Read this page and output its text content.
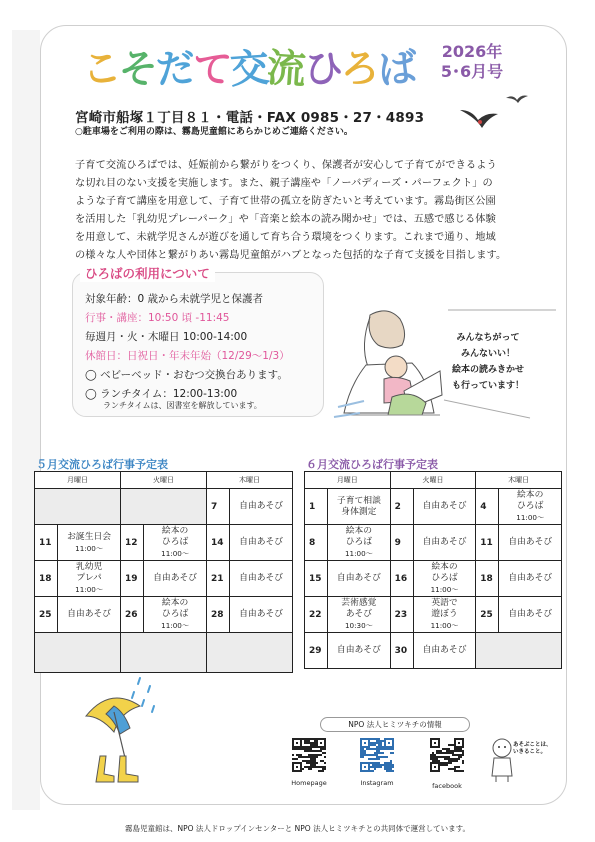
こそだて交流ひろば	2026年
5･6月号
宮崎市船塚１丁目８１・電話・FAX 0985・27・4893
○駐車場をご利用の際は、霧島児童館にあらかじめご連絡ください。

子育て交流ひろばでは、妊娠前から繋がりをつくり、保護者が安心して子育てができるよう

な切れ目のない支援を実施します。また、親子講座や「ノーバディーズ・パーフェクト」の

ような子育て講座を用意して、子育て世帯の孤立を防ぎたいと考えています。霧島街区公園

を活用した「乳幼児プレーパーク」や「音楽と絵本の読み聞かせ」では、五感で感じる体験

を用意して、未就学児さんが遊びを通して育ち合う環境をつくります。これまで通り、地域

の様々な人や団体と繋がりあい霧島児童館がハブとなった包括的な子育て支援を目指します。

ひろばの利用について
対象年齢：0 歳から未就学児と保護者
行事・講座：10:50 頃 -11:45
毎週月・火・木曜日 10:00-14:00
休館日：日祝日・年末年始（12/29～1/3）
◯ ベビーベッド・おむつ交換台あります。
◯ ランチタイム：12:00-13:00
ランチタイムは、図書室を解放しています。
みんなちがって
みんないい！
絵本の読みきかせ
も行っています！
５月交流ひろば行事予定表
月曜日		火曜日		木曜日	
				7	自由あそび

11	お誕生日会
11:00～	12	絵本の
ひろば
11:00～	14	自由あそび

18	乳幼児
プレパ
11:00～	19	自由あそび	21	自由あそび

25	自由あそび	26	絵本の
ひろば
11:00～	28	自由あそび

６月交流ひろば行事予定表
月曜日		火曜日		木曜日	
1	子育て相談
身体測定	2	自由あそび	4	絵本の
ひろば
11:00～

8	絵本の
ひろば
11:00～	9	自由あそび	11	自由あそび

15	自由あそび	16	絵本の
ひろば
11:00～	18	自由あそび

22	芸術感覚
あそび
10:30～	23	英語で
遊ぼう
11:00～	25	自由あそび

29	自由あそび	30	自由あそび		

NPO 法人ヒミツキチの情報
Homepage	Instagram	facebook
あそぶことは、
いきること。
霧島児童館は、NPO 法人ドロップインセンターと NPO 法人ヒミツキチとの共同体で運営しています。
